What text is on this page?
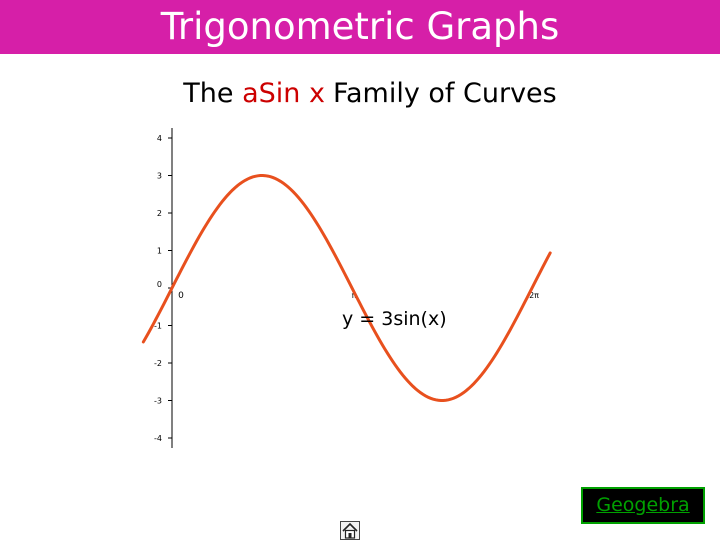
Trigonometric Graphs
The aSin x Family of Curves
4
3
2
1
0
-1
-2
-3
-4
0	π	2π
y = 3sin(x)
Geogebra
